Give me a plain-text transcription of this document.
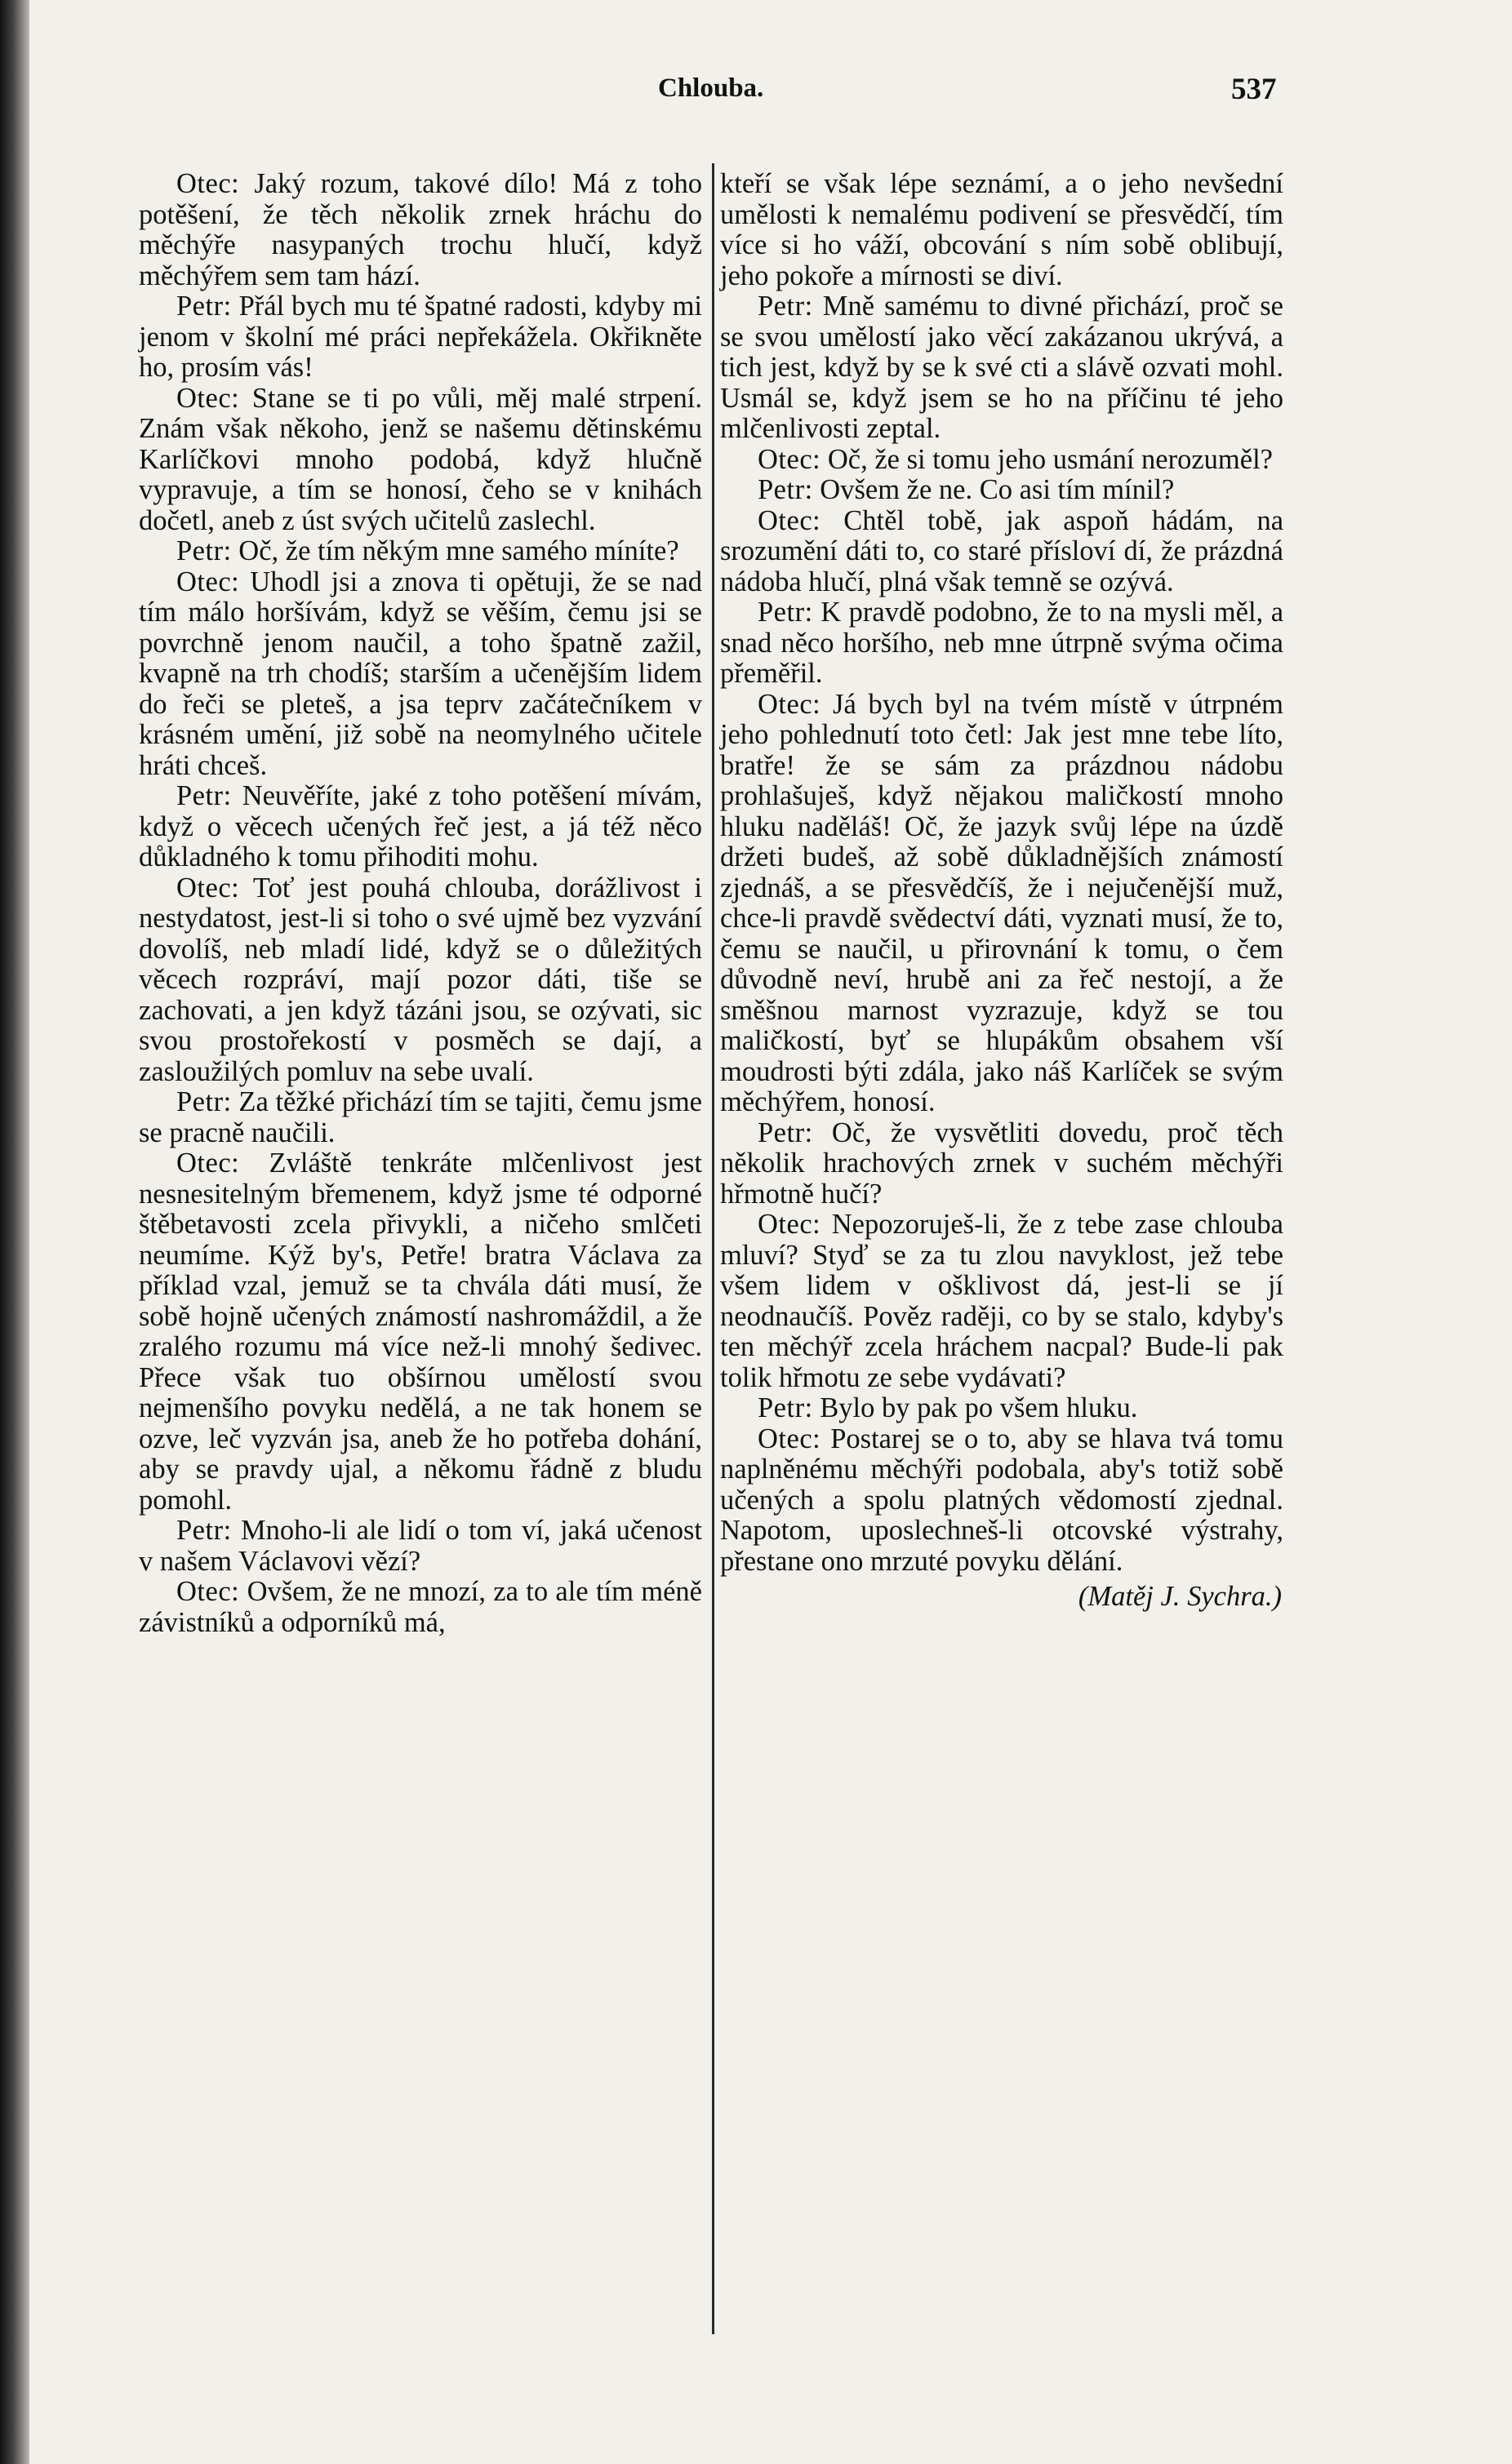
Chlouba.	537

Otec: Jaký rozum, takové dílo! Má z toho potěšení, že těch několik zrnek hráchu do měchýře nasypaných trochu hlučí, když měchýřem sem tam hází.

Petr: Přál bych mu té špatné radosti, kdyby mi jenom v školní mé práci nepřekážela. Okřikněte ho, prosím vás!

Otec: Stane se ti po vůli, měj malé strpení. Znám však někoho, jenž se našemu dětinskému Karlíčkovi mnoho podobá, když hlučně vypravuje, a tím se honosí, čeho se v knihách dočetl, aneb z úst svých učitelů zaslechl.

Petr: Oč, že tím někým mne samého míníte?

Otec: Uhodl jsi a znova ti opětuji, že se nad tím málo horšívám, když se věším, čemu jsi se povrchně jenom naučil, a toho špatně zažil, kvapně na trh chodíš; starším a učenějším lidem do řeči se pleteš, a jsa teprv začátečníkem v krásném umění, již sobě na neomylného učitele hráti chceš.

Petr: Neuvěříte, jaké z toho potěšení mívám, když o věcech učených řeč jest, a já též něco důkladného k tomu přihoditi mohu.

Otec: Toť jest pouhá chlouba, dorážlivost i nestydatost, jest-li si toho o své ujmě bez vyzvání dovolíš, neb mladí lidé, když se o důležitých věcech rozpráví, mají pozor dáti, tiše se zachovati, a jen když tázáni jsou, se ozývati, sic svou prostořekostí v posměch se dají, a zasloužilých pomluv na sebe uvalí.

Petr: Za těžké přichází tím se tajiti, čemu jsme se pracně naučili.

Otec: Zvláště tenkráte mlčenlivost jest nesnesitelným břemenem, když jsme té odporné štěbetavosti zcela přivykli, a ničeho smlčeti neumíme. Kýž by's, Petře! bratra Václava za příklad vzal, jemuž se ta chvála dáti musí, že sobě hojně učených známostí nashromáždil, a že zralého rozumu má více než-li mnohý šedivec. Přece však tuo obšírnou umělostí svou nejmenšího povyku nedělá, a ne tak honem se ozve, leč vyzván jsa, aneb že ho potřeba dohání, aby se pravdy ujal, a někomu řádně z bludu pomohl.

Petr: Mnoho-li ale lidí o tom ví, jaká učenost v našem Václavovi vězí?

Otec: Ovšem, že ne mnozí, za to ale tím méně závistníků a odporníků má,

kteří se však lépe seznámí, a o jeho nevšední umělosti k nemalému podivení se přesvědčí, tím více si ho váží, obcování s ním sobě oblibují, jeho pokoře a mírnosti se diví.

Petr: Mně samému to divné přichází, proč se se svou umělostí jako věcí zakázanou ukrývá, a tich jest, když by se k své cti a slávě ozvati mohl. Usmál se, když jsem se ho na příčinu té jeho mlčenlivosti zeptal.

Otec: Oč, že si tomu jeho usmání nerozuměl?

Petr: Ovšem že ne. Co asi tím mínil?

Otec: Chtěl tobě, jak aspoň hádám, na srozumění dáti to, co staré přísloví dí, že prázdná nádoba hlučí, plná však temně se ozývá.

Petr: K pravdě podobno, že to na mysli měl, a snad něco horšího, neb mne útrpně svýma očima přeměřil.

Otec: Já bych byl na tvém místě v útrpném jeho pohlednutí toto četl: Jak jest mne tebe líto, bratře! že se sám za prázdnou nádobu prohlašuješ, když nějakou maličkostí mnoho hluku naděláš! Oč, že jazyk svůj lépe na úzdě držeti budeš, až sobě důkladnějších známostí zjednáš, a se přesvědčíš, že i nejučenější muž, chce-li pravdě svědectví dáti, vyznati musí, že to, čemu se naučil, u přirovnání k tomu, o čem důvodně neví, hrubě ani za řeč nestojí, a že směšnou marnost vyzrazuje, když se tou maličkostí, byť se hlupákům obsahem vší moudrosti býti zdála, jako náš Karlíček se svým měchýřem, honosí.

Petr: Oč, že vysvětliti dovedu, proč těch několik hrachových zrnek v suchém měchýři hřmotně hučí?

Otec: Nepozoruješ-li, že z tebe zase chlouba mluví? Styď se za tu zlou navyklost, jež tebe všem lidem v ošklivost dá, jest-li se jí neodnaučíš. Pověz raději, co by se stalo, kdyby's ten měchýř zcela hráchem nacpal? Bude-li pak tolik hřmotu ze sebe vydávati?

Petr: Bylo by pak po všem hluku.

Otec: Postarej se o to, aby se hlava tvá tomu naplněnému měchýři podobala, aby's totiž sobě učených a spolu platných vědomostí zjednal. Napotom, uposlechneš-li otcovské výstrahy, přestane ono mrzuté povyku dělání.

(Matěj J. Sychra.)
